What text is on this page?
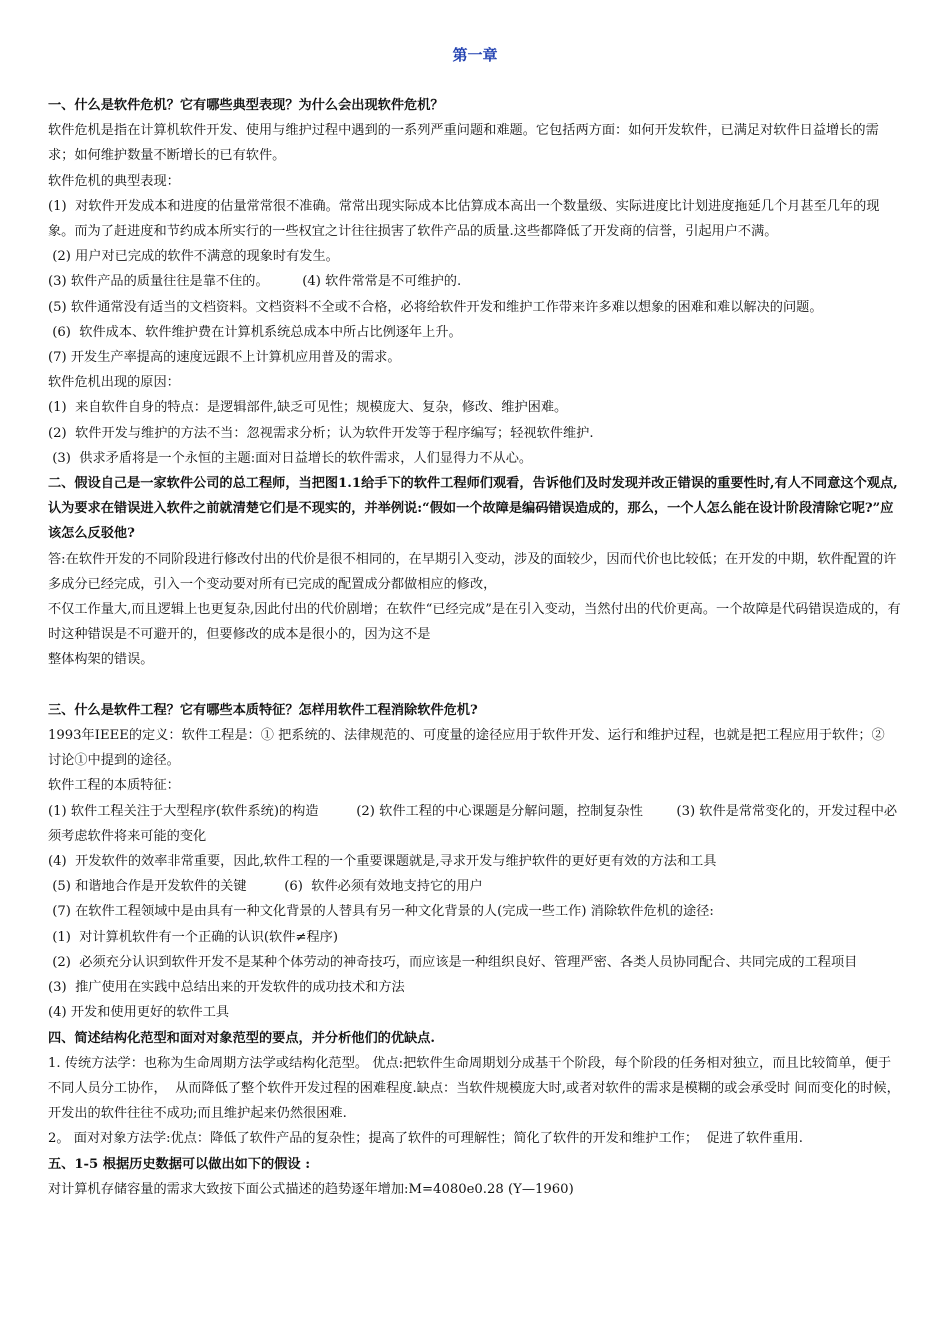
第一章

一、什么是软件危机？它有哪些典型表现？为什么会出现软件危机？

软件危机是指在计算机软件开发、使用与维护过程中遇到的一系列严重问题和难题。它包括两方面：如何开发软件，已满足对软件日益增长的需求；如何维护数量不断增长的已有软件。

软件危机的典型表现：

(1)  对软件开发成本和进度的估量常常很不准确。常常出现实际成本比估算成本高出一个数量级、实际进度比计划进度拖延几个月甚至几年的现象。而为了赶进度和节约成本所实行的一些权宜之计往往损害了软件产品的质量.这些都降低了开发商的信誉，引起用户不满。

(2) 用户对已完成的软件不满意的现象时有发生。

(3) 软件产品的质量往往是靠不住的。        (4) 软件常常是不可维护的.

(5) 软件通常没有适当的文档资料。文档资料不全或不合格，必将给软件开发和维护工作带来许多难以想象的困难和难以解决的问题。

(6)  软件成本、软件维护费在计算机系统总成本中所占比例逐年上升。

(7) 开发生产率提高的速度远跟不上计算机应用普及的需求。

软件危机出现的原因：

(1)  来自软件自身的特点：是逻辑部件,缺乏可见性；规模庞大、复杂，修改、维护困难。

(2)  软件开发与维护的方法不当：忽视需求分析；认为软件开发等于程序编写；轻视软件维护.

(3)  供求矛盾将是一个永恒的主题:面对日益增长的软件需求，人们显得力不从心。

二、假设自己是一家软件公司的总工程师，当把图1.1给手下的软件工程师们观看，告诉他们及时发现并改正错误的重要性时,有人不同意这个观点,认为要求在错误进入软件之前就清楚它们是不现实的，并举例说:“假如一个故障是编码错误造成的，那么，一个人怎么能在设计阶段清除它呢?”应该怎么反驳他?

答:在软件开发的不同阶段进行修改付出的代价是很不相同的，在早期引入变动，涉及的面较少，因而代价也比较低；在开发的中期，软件配置的许多成分已经完成，引入一个变动要对所有已完成的配置成分都做相应的修改，

不仅工作量大,而且逻辑上也更复杂,因此付出的代价剧增；在软件“已经完成”是在引入变动，当然付出的代价更高。一个故障是代码错误造成的，有时这种错误是不可避开的，但要修改的成本是很小的，因为这不是

整体构架的错误。

三、什么是软件工程？它有哪些本质特征？怎样用软件工程消除软件危机?

1993年IEEE的定义：软件工程是：① 把系统的、法律规范的、可度量的途径应用于软件开发、运行和维护过程，也就是把工程应用于软件；② 讨论①中提到的途径。

软件工程的本质特征：

(1) 软件工程关注于大型程序(软件系统)的构造         (2) 软件工程的中心课题是分解问题，控制复杂性        (3) 软件是常常变化的，开发过程中必须考虑软件将来可能的变化

(4)  开发软件的效率非常重要，因此,软件工程的一个重要课题就是,寻求开发与维护软件的更好更有效的方法和工具

(5) 和谐地合作是开发软件的关键         (6)  软件必须有效地支持它的用户

(7) 在软件工程领域中是由具有一种文化背景的人替具有另一种文化背景的人(完成一些工作) 消除软件危机的途径:

(1)  对计算机软件有一个正确的认识(软件≠程序)

(2)  必须充分认识到软件开发不是某种个体劳动的神奇技巧，而应该是一种组织良好、管理严密、各类人员协同配合、共同完成的工程项目

(3)  推广使用在实践中总结出来的开发软件的成功技术和方法

(4) 开发和使用更好的软件工具

四、简述结构化范型和面对对象范型的要点，并分析他们的优缺点.

1. 传统方法学：也称为生命周期方法学或结构化范型。 优点:把软件生命周期划分成基干个阶段，每个阶段的任务相对独立，而且比较简单，便于不同人员分工协作，  从而降低了整个软件开发过程的困难程度.缺点：当软件规模庞大时,或者对软件的需求是模糊的或会承受时 间而变化的时候，开发出的软件往往不成功;而且维护起来仍然很困难.

2。 面对对象方法学:优点：降低了软件产品的复杂性；提高了软件的可理解性；简化了软件的开发和维护工作；  促进了软件重用.

五、1-5 根据历史数据可以做出如下的假设 :

对计算机存储容量的需求大致按下面公式描述的趋势逐年增加:M=4080e0.28 (Y—1960)
